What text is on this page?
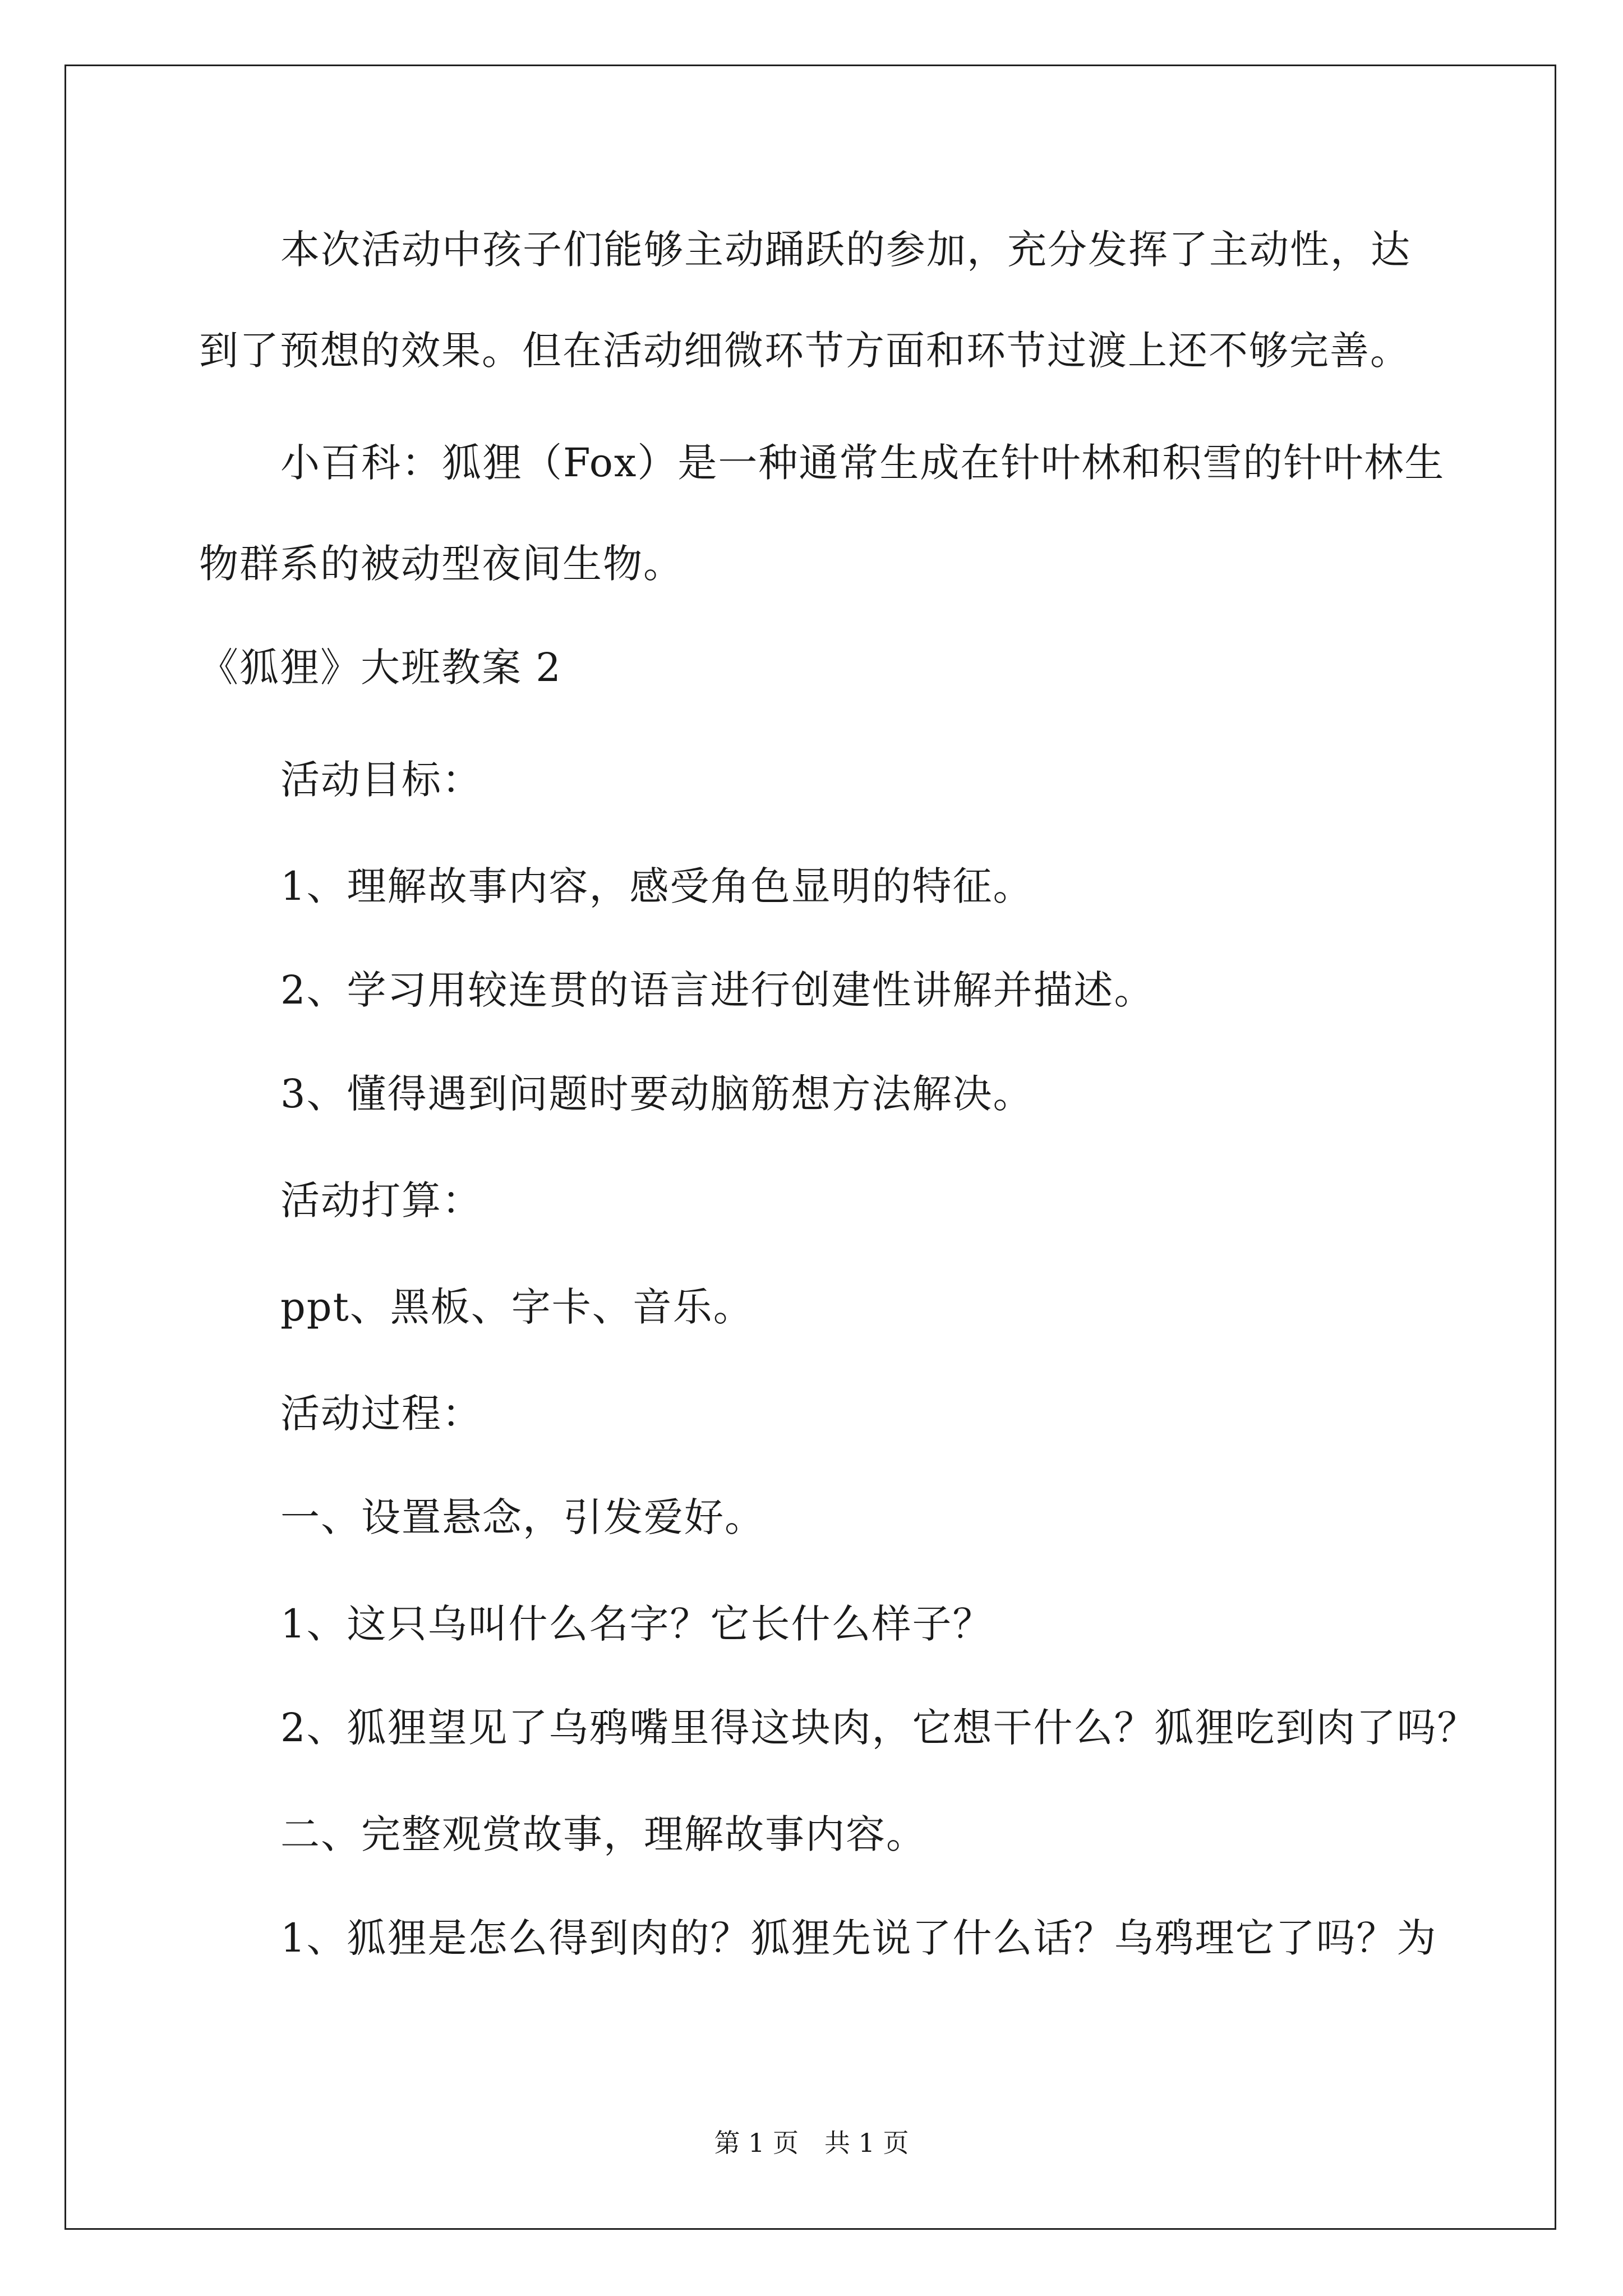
本次活动中孩子们能够主动踊跃的参加，充分发挥了主动性，达
到了预想的效果。但在活动细微环节方面和环节过渡上还不够完善。
小百科：狐狸（Fox）是一种通常生成在针叶林和积雪的针叶林生
物群系的被动型夜间生物。
《狐狸》大班教案 2
活动目标：
1、理解故事内容，感受角色显明的特征。
2、学习用较连贯的语言进行创建性讲解并描述。
3、懂得遇到问题时要动脑筋想方法解决。
活动打算：
ppt、黑板、字卡、音乐。
活动过程：
一、设置悬念，引发爱好。
1、这只乌叫什么名字？它长什么样子？
2、狐狸望见了乌鸦嘴里得这块肉，它想干什么？狐狸吃到肉了吗？
二、完整观赏故事，理解故事内容。
1、狐狸是怎么得到肉的？狐狸先说了什么话？乌鸦理它了吗？为
第 1 页　共 1 页
